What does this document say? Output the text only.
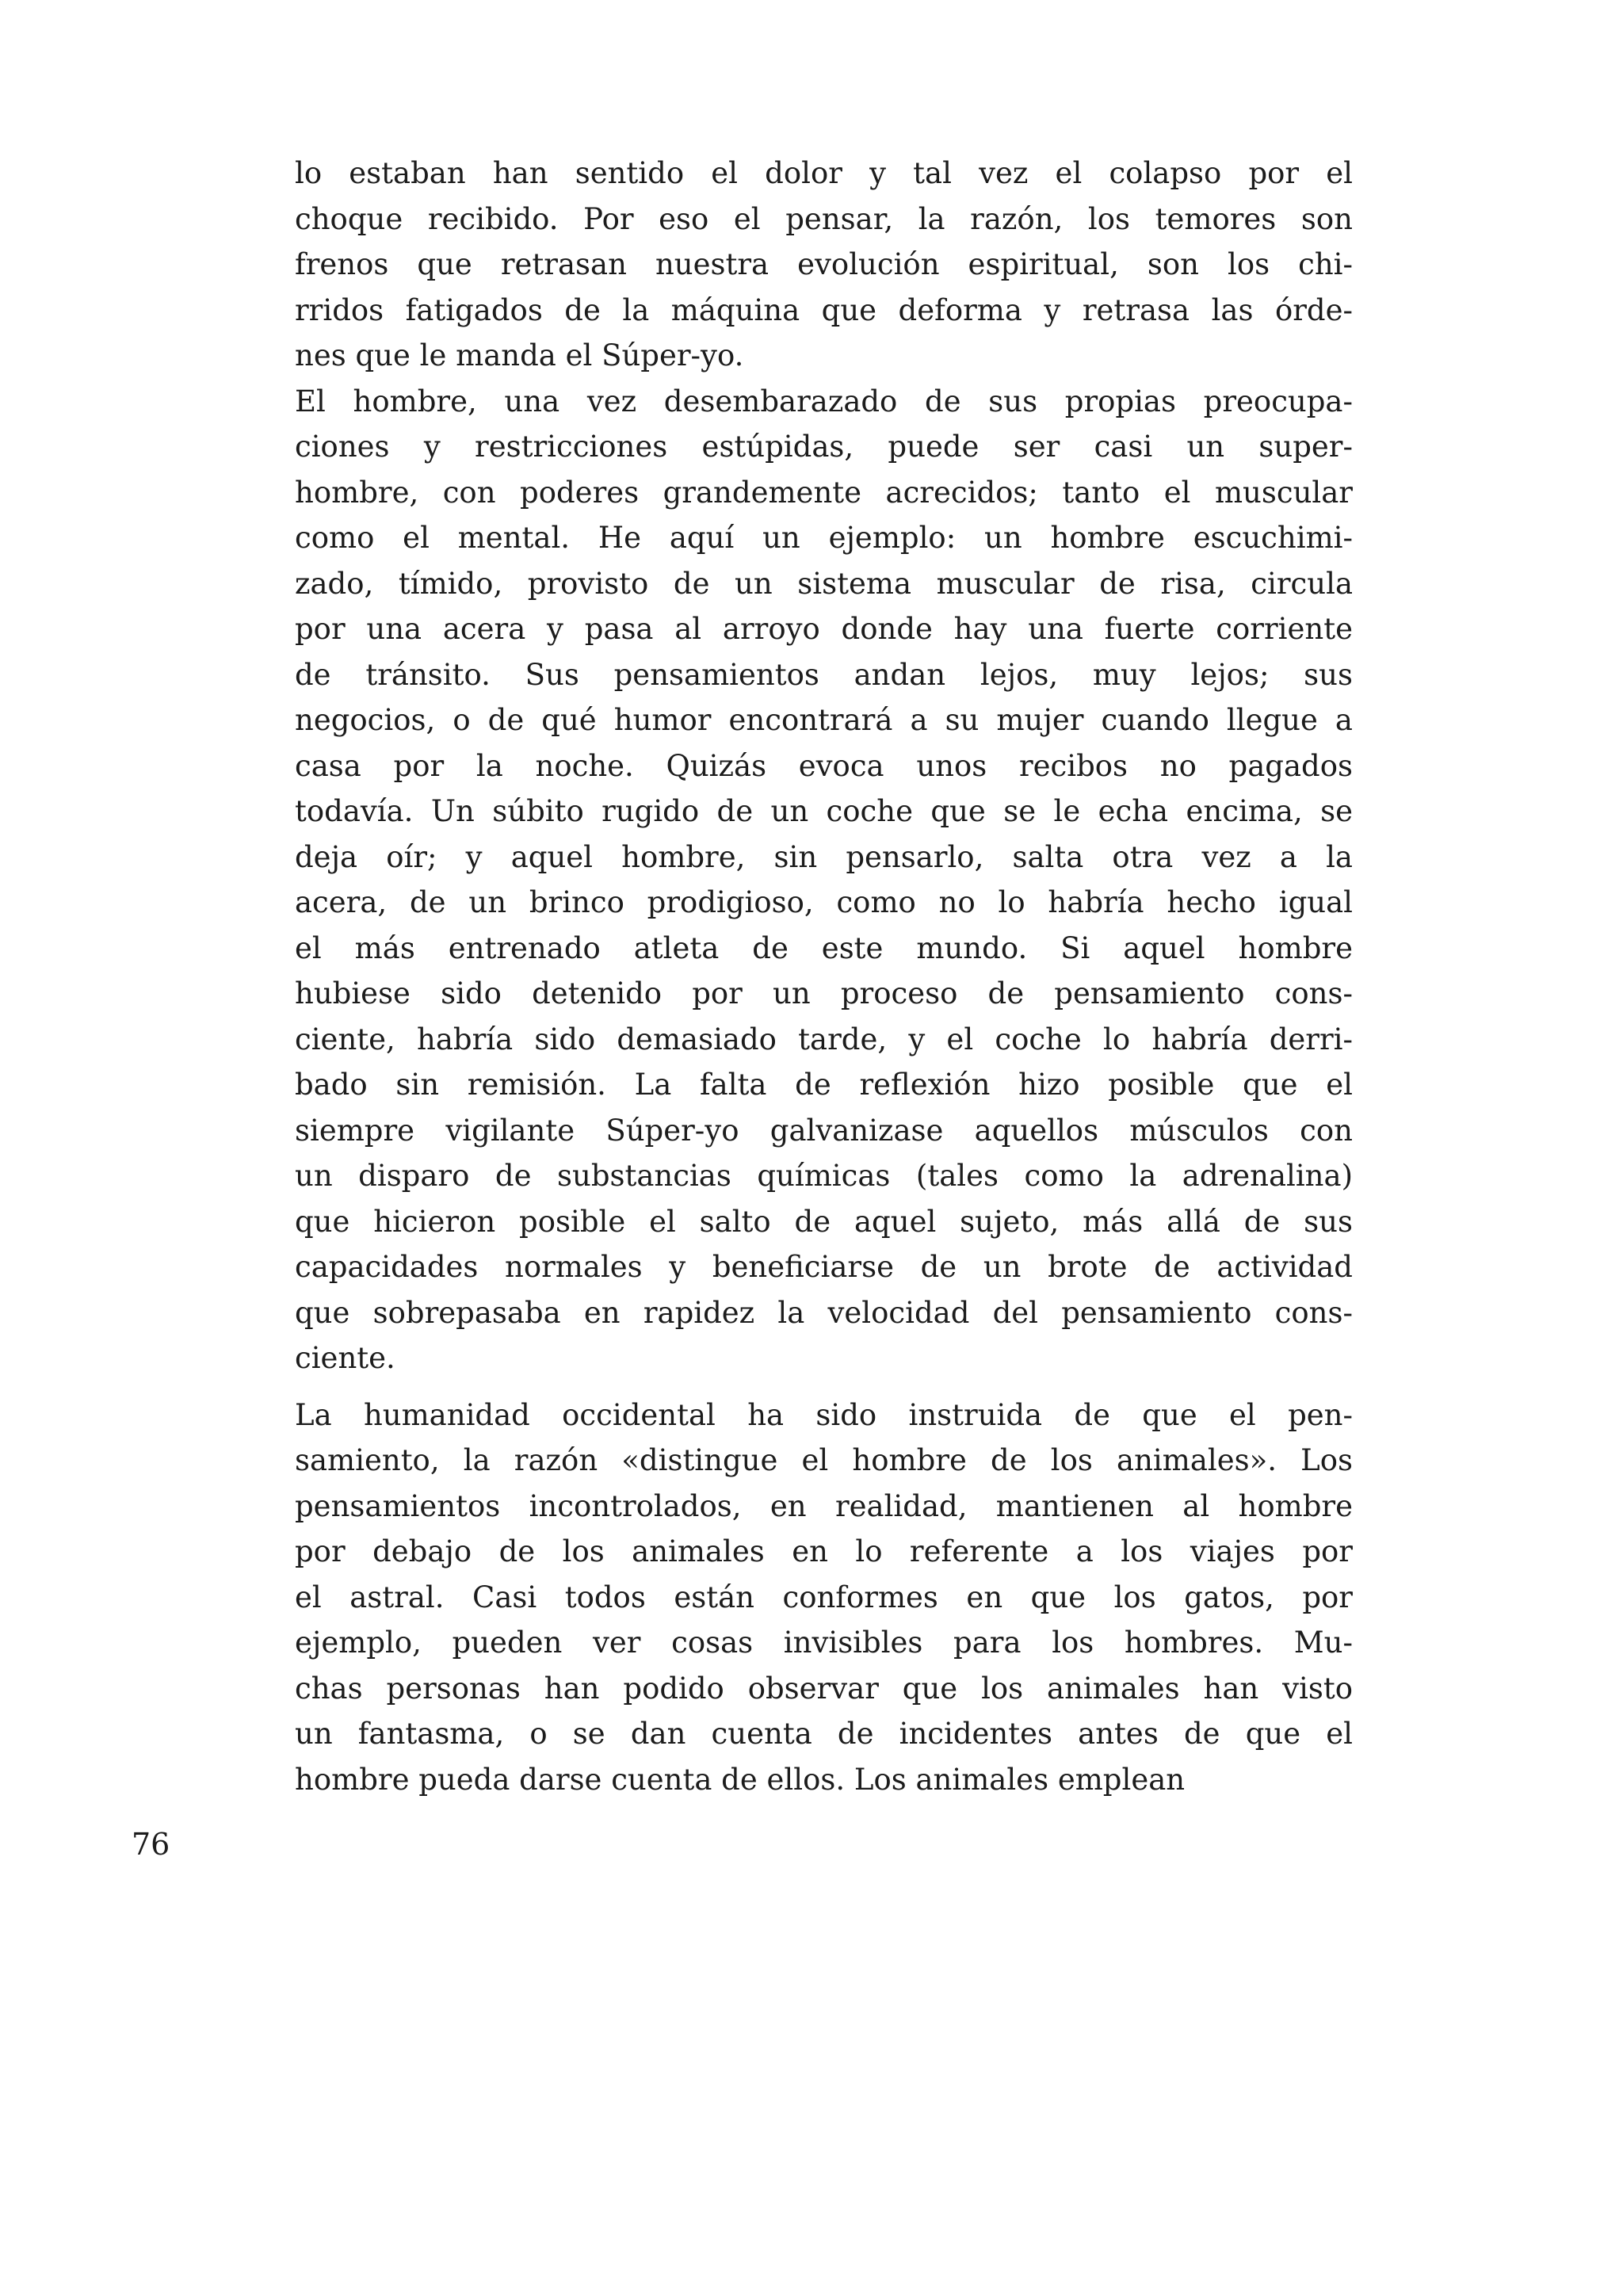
lo estaban han sentido el dolor y tal vez el colapso por el
choque recibido. Por eso el pensar, la razón, los temores son
frenos que retrasan nuestra evolución espiritual, son los chi-
rridos fatigados de la máquina que deforma y retrasa las órde-
nes que le manda el Súper-yo.
El hombre, una vez desembarazado de sus propias preocupa-
ciones y restricciones estúpidas, puede ser casi un super-
hombre, con poderes grandemente acrecidos; tanto el muscular
como el mental. He aquí un ejemplo: un hombre escuchimi-
zado, tímido, provisto de un sistema muscular de risa, circula
por una acera y pasa al arroyo donde hay una fuerte corriente
de tránsito. Sus pensamientos andan lejos, muy lejos; sus
negocios, o de qué humor encontrará a su mujer cuando llegue a
casa por la noche. Quizás evoca unos recibos no pagados
todavía. Un súbito rugido de un coche que se le echa encima, se
deja oír; y aquel hombre, sin pensarlo, salta otra vez a la
acera, de un brinco prodigioso, como no lo habría hecho igual
el más entrenado atleta de este mundo. Si aquel hombre
hubiese sido detenido por un proceso de pensamiento cons-
ciente, habría sido demasiado tarde, y el coche lo habría derri-
bado sin remisión. La falta de reflexión hizo posible que el
siempre vigilante Súper-yo galvanizase aquellos músculos con
un disparo de substancias químicas (tales como la adrenalina)
que hicieron posible el salto de aquel sujeto, más allá de sus
capacidades normales y beneficiarse de un brote de actividad
que sobrepasaba en rapidez la velocidad del pensamiento cons-
ciente.
La humanidad occidental ha sido instruida de que el pen-
samiento, la razón «distingue el hombre de los animales». Los
pensamientos incontrolados, en realidad, mantienen al hombre
por debajo de los animales en lo referente a los viajes por
el astral. Casi todos están conformes en que los gatos, por
ejemplo, pueden ver cosas invisibles para los hombres. Mu-
chas personas han podido observar que los animales han visto
un fantasma, o se dan cuenta de incidentes antes de que el
hombre pueda darse cuenta de ellos. Los animales emplean
76
